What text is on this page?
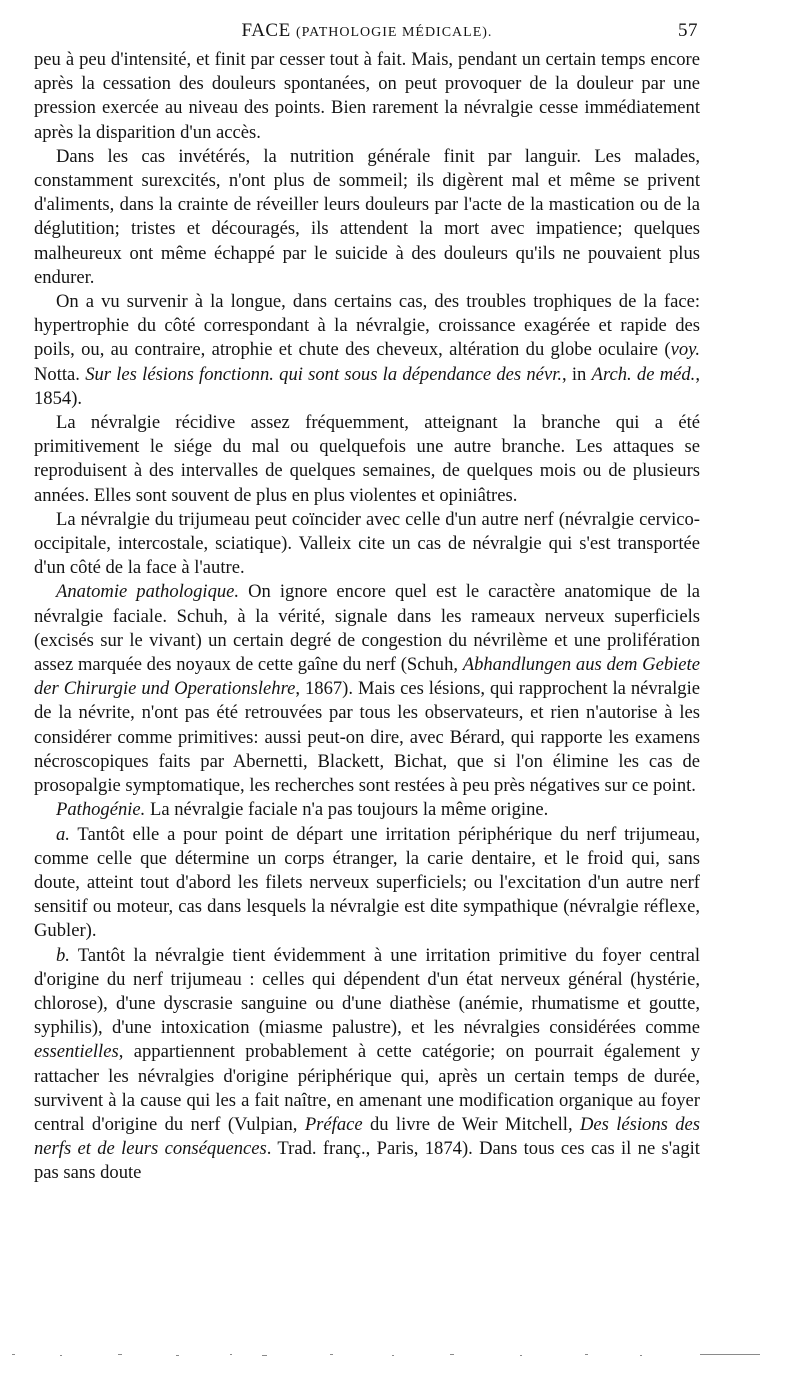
FACE (PATHOLOGIE MÉDICALE).	57

peu à peu d'intensité, et finit par cesser tout à fait. Mais, pendant un certain temps encore après la cessation des douleurs spontanées, on peut provoquer de la douleur par une pression exercée au niveau des points. Bien rarement la névralgie cesse immédiatement après la disparition d'un accès.

Dans les cas invétérés, la nutrition générale finit par languir. Les malades, constamment surexcités, n'ont plus de sommeil; ils digèrent mal et même se privent d'aliments, dans la crainte de réveiller leurs douleurs par l'acte de la mastication ou de la déglutition; tristes et découragés, ils attendent la mort avec impatience; quelques malheureux ont même échappé par le suicide à des douleurs qu'ils ne pouvaient plus endurer.

On a vu survenir à la longue, dans certains cas, des troubles trophiques de la face: hypertrophie du côté correspondant à la névralgie, croissance exagérée et rapide des poils, ou, au contraire, atrophie et chute des cheveux, altération du globe oculaire (voy. Notta. Sur les lésions fonctionn. qui sont sous la dépendance des névr., in Arch. de méd., 1854).

La névralgie récidive assez fréquemment, atteignant la branche qui a été primitivement le siége du mal ou quelquefois une autre branche. Les attaques se reproduisent à des intervalles de quelques semaines, de quelques mois ou de plusieurs années. Elles sont souvent de plus en plus violentes et opiniâtres.

La névralgie du trijumeau peut coïncider avec celle d'un autre nerf (névralgie cervico-occipitale, intercostale, sciatique). Valleix cite un cas de névralgie qui s'est transportée d'un côté de la face à l'autre.

Anatomie pathologique. On ignore encore quel est le caractère anatomique de la névralgie faciale. Schuh, à la vérité, signale dans les rameaux nerveux superficiels (excisés sur le vivant) un certain degré de congestion du névrilème et une prolifération assez marquée des noyaux de cette gaîne du nerf (Schuh, Abhandlungen aus dem Gebiete der Chirurgie und Operationslehre, 1867). Mais ces lésions, qui rapprochent la névralgie de la névrite, n'ont pas été retrouvées par tous les observateurs, et rien n'autorise à les considérer comme primitives: aussi peut-on dire, avec Bérard, qui rapporte les examens nécroscopiques faits par Abernetti, Blackett, Bichat, que si l'on élimine les cas de prosopalgie symptomatique, les recherches sont restées à peu près négatives sur ce point.

Pathogénie. La névralgie faciale n'a pas toujours la même origine.

a. Tantôt elle a pour point de départ une irritation périphérique du nerf trijumeau, comme celle que détermine un corps étranger, la carie dentaire, et le froid qui, sans doute, atteint tout d'abord les filets nerveux superficiels; ou l'excitation d'un autre nerf sensitif ou moteur, cas dans lesquels la névralgie est dite sympathique (névralgie réflexe, Gubler).

b. Tantôt la névralgie tient évidemment à une irritation primitive du foyer central d'origine du nerf trijumeau : celles qui dépendent d'un état nerveux général (hystérie, chlorose), d'une dyscrasie sanguine ou d'une diathèse (anémie, rhumatisme et goutte, syphilis), d'une intoxication (miasme palustre), et les névralgies considérées comme essentielles, appartiennent probablement à cette catégorie; on pourrait également y rattacher les névralgies d'origine périphérique qui, après un certain temps de durée, survivent à la cause qui les a fait naître, en amenant une modification organique au foyer central d'origine du nerf (Vulpian, Préface du livre de Weir Mitchell, Des lésions des nerfs et de leurs conséquences. Trad. franç., Paris, 1874). Dans tous ces cas il ne s'agit pas sans doute
